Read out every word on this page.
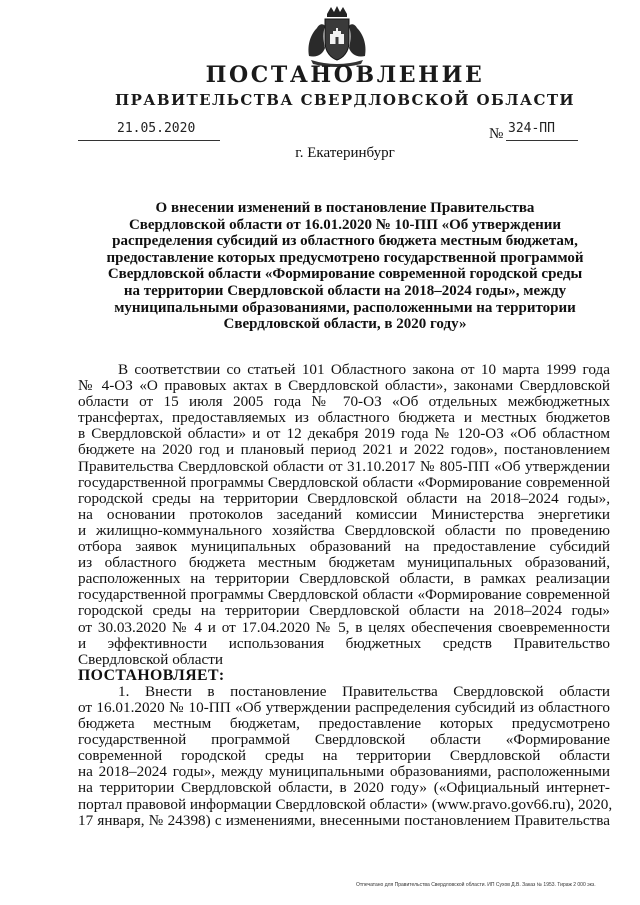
ПОСТАНОВЛЕНИЕ
ПРАВИТЕЛЬСТВА СВЕРДЛОВСКОЙ ОБЛАСТИ
21.05.2020	№ 324-ПП
г. Екатеринбург
О внесении изменений в постановление Правительства
Свердловской области от 16.01.2020 № 10-ПП «Об утверждении
распределения субсидий из областного бюджета местным бюджетам,
предоставление которых предусмотрено государственной программой
Свердловской области «Формирование современной городской среды
на территории Свердловской области на 2018–2024 годы», между
муниципальными образованиями, расположенными на территории
Свердловской области, в 2020 году»
В соответствии со статьей 101 Областного закона от 10 марта 1999 года
№ 4-ОЗ «О правовых актах в Свердловской области», законами Свердловской
области от 15 июля 2005 года № 70-ОЗ «Об отдельных межбюджетных
трансфертах, предоставляемых из областного бюджета и местных бюджетов
в Свердловской области» и от 12 декабря 2019 года № 120-ОЗ «Об областном
бюджете на 2020 год и плановый период 2021 и 2022 годов», постановлением
Правительства Свердловской области от 31.10.2017 № 805-ПП «Об утверждении
государственной программы Свердловской области «Формирование современной
городской среды на территории Свердловской области на 2018–2024 годы»,
на основании протоколов заседаний комиссии Министерства энергетики
и жилищно-коммунального хозяйства Свердловской области по проведению
отбора заявок муниципальных образований на предоставление субсидий
из областного бюджета местным бюджетам муниципальных образований,
расположенных на территории Свердловской области, в рамках реализации
государственной программы Свердловской области «Формирование современной
городской среды на территории Свердловской области на 2018–2024 годы»
от 30.03.2020 № 4 и от 17.04.2020 № 5, в целях обеспечения своевременности
и эффективности использования бюджетных средств Правительство
Свердловской области
ПОСТАНОВЛЯЕТ:
1. Внести в постановление Правительства Свердловской области
от 16.01.2020 № 10-ПП «Об утверждении распределения субсидий из областного
бюджета местным бюджетам, предоставление которых предусмотрено
государственной программой Свердловской области «Формирование
современной городской среды на территории Свердловской области
на 2018–2024 годы», между муниципальными образованиями, расположенными
на территории Свердловской области, в 2020 году» («Официальный интернет-
портал правовой информации Свердловской области» (www.pravo.gov66.ru), 2020,
17 января, № 24398) с изменениями, внесенными постановлением Правительства
Отпечатано для Правительства Свердловской области. ИП Сухов Д.В. Заказ № 1953. Тираж 2 000 экз.
